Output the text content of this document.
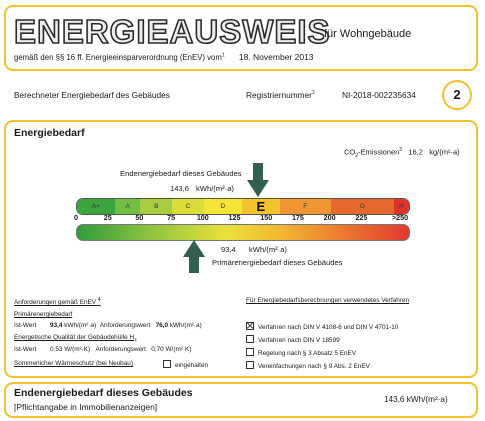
ENERGIEAUSWEIS
für Wohngebäude
gemäß den §§ 16 ff. Energieeinsparverordnung (EnEV) vom$^1$ 18. November 2013
Berechneter Energiebedarf des Gebäudes	Registriernummer$^2$	NI-2018-002235634	2
Energiebedarf
$CO_2-Emissionen^3$ 16,2 kg/(m²·a)
Endenergiebedarf dieses Gebäudes
143,6 kWh/(m²·a)
A+	A	B	C	D	E	F	G	H
0	25	50	75	100	125	150	175	200	225	>250
93,4 kWh/(m²·a)
Primärenergiebedarf dieses Gebäudes
Anforderungen gemäß EnEV $^4$
Primärenergiebedarf
Ist-Wert 93,4 kWh/(m²·a) Anforderungswert 76,0 kWh/(m²·a)
Energetische Qualität der Gebäudehülle $H_T$
Ist-Wert 0,53 W/(m²·K) Anforderungswert 0,70 W/(m²·K)
Sommerlicher Wärmeschutz (bei Neubau)	eingehalten
Für Energiebedarfsberechnungen verwendetes Verfahren
Verfahren nach DIN V 4108-6 und DIN V 4701-10
Verfahren nach DIN V 18599
Regelung nach § 3 Absatz 5 EnEV
Vereinfachungen nach § 9 Abs. 2 EnEV
Endenergiebedarf dieses Gebäudes
[Pflichtangabe in Immobilienanzeigen]
143,6 kWh/(m²·a)
